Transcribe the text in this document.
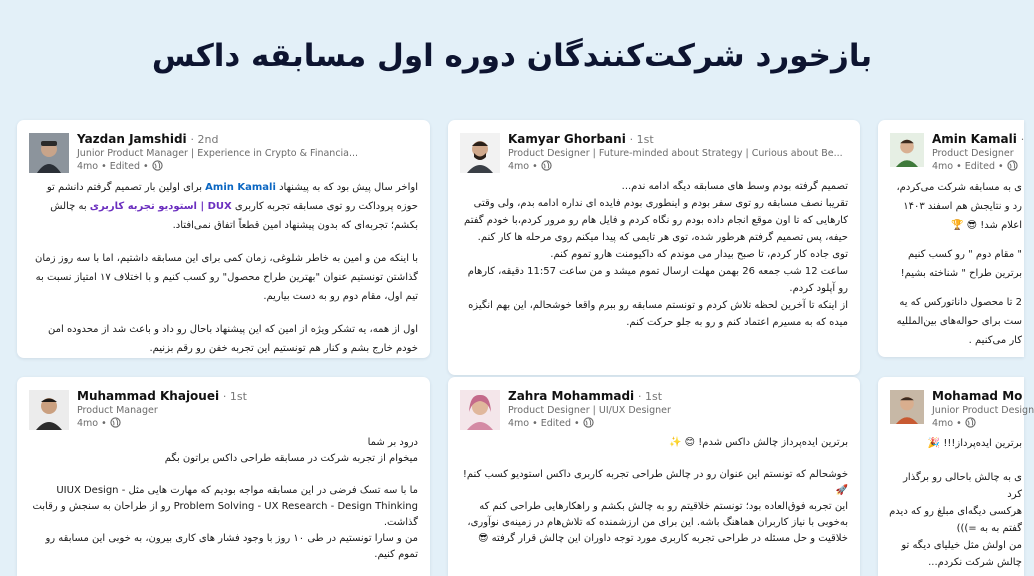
بازخورد شرکت‌کنندگان دوره اول مسابقه داکس
Yazdan Jamshidi · 2nd
Junior Product Manager | Experience in Crypto & Financia...
4mo • Edited •

اواخر سال پیش بود که به پیشنهاد Amin Kamali برای اولین بار تصمیم گرفتم دانشم تو حوزه پروداکت رو توی مسابقه تجربه کاربری DUX | استودیو تجربه کاربری به چالش بکشم؛ تجربه‌ای که بدون پیشنهاد امین قطعاً اتفاق نمی‌افتاد.

با اینکه من و امین به خاطر شلوغی، زمان کمی برای این مسابقه داشتیم، اما با سه روز زمان گذاشتن تونستیم عنوان "بهترین طراح محصول" رو کسب کنیم و با اختلاف ۱۷ امتیاز نسبت به تیم اول، مقام دوم رو به دست بیاریم.

اول از همه، یه تشکر ویژه از امین که این پیشنهاد باحال رو داد و باعث شد از محدوده امن خودم خارج بشم و کنار هم تونستیم این تجربه خفن رو رقم بزنیم.

Kamyar Ghorbani · 1st
Product Designer | Future-minded about Strategy | Curious about Be...
4mo •
تصمیم گرفته بودم وسط های مسابقه دیگه ادامه ندم...
تقریبا نصف مسابقه رو توی سفر بودم و اینطوری بودم فایده ای نداره ادامه بدم، ولی وقتی کارهایی که تا اون موقع انجام داده بودم رو نگاه کردم و فایل هام رو مرور کردم،با خودم گفتم حیفه، پس تصمیم گرفتم هرطور شده، توی هر تایمی که پیدا میکنم روی مرحله ها کار کنم.
توی جاده کار کردم، تا صبح بیدار می موندم که داکیومنت هارو تموم کنم.
ساعت 12 شب جمعه 26 بهمن مهلت ارسال تموم میشد و من ساعت 11:57 دقیقه، کارهام رو آپلود کردم.
از اینکه تا آخرین لحظه تلاش کردم و تونستم مسابقه رو ببرم واقعا خوشحالم، این بهم انگیزه میده که به مسیرم اعتماد کنم و رو به جلو حرکت کنم.
Amin Kamali ·
Product Designer
4mo • Edited •
ی به مسابقه شرکت می‌کردم،
رد و نتایجش هم اسفند ۱۴۰۳
اعلام شد! 😎 🏆
" مقام دوم " رو کسب کنیم
برترین طراح " شناخته بشیم!
2 تا محصول داناتورکس که یه
ست برای حواله‌های بین‌المللیه
کار می‌کنیم .
Muhammad Khajouei · 1st
Product Manager
4mo •
درود بر شما
میخوام از تجربه شرکت در مسابقه طراحی داکس براتون بگم
ما با سه تسک فرضی در این مسابقه مواجه بودیم که مهارت هایی مثل - UIUX Design
Problem Solving - UX Research - Design Thinking رو از طراحان به سنجش و رقابت گذاشت.
من و سارا تونستیم در طی ۱۰ روز با وجود فشار های کاری بیرون، به خوبی این مسابقه رو تموم کنیم.
Zahra Mohammadi · 1st
Product Designer | UI/UX Designer
4mo • Edited •
برترین ایده‌پرداز چالش داکس شدم! 😊 ✨
خوشحالم که تونستم این عنوان رو در چالش طراحی تجربه کاربری داکس استودیو کسب کنم! 🚀
این تجربه فوق‌العاده بود؛ تونستم خلاقیتم رو به چالش بکشم و راهکارهایی طراحی کنم که به‌خوبی با نیاز کاربران هماهنگ باشه. این برای من ارزشمنده که تلاش‌هام در زمینه‌ی نوآوری، خلاقیت و حل مسئله در طراحی تجربه کاربری مورد توجه داوران این چالش قرار گرفته 😎
Mohamad Mo
Junior Product Design
4mo •
برترین ایده‌پرداز!!! 🎉
ی به چالش باحالی رو برگذار کرد
هرکسی دیگه‌ای مبلغ رو که دیدم
گفتم به به =)))
من اولش مثل خیلیای دیگه تو
چالش شرکت نکردم...
